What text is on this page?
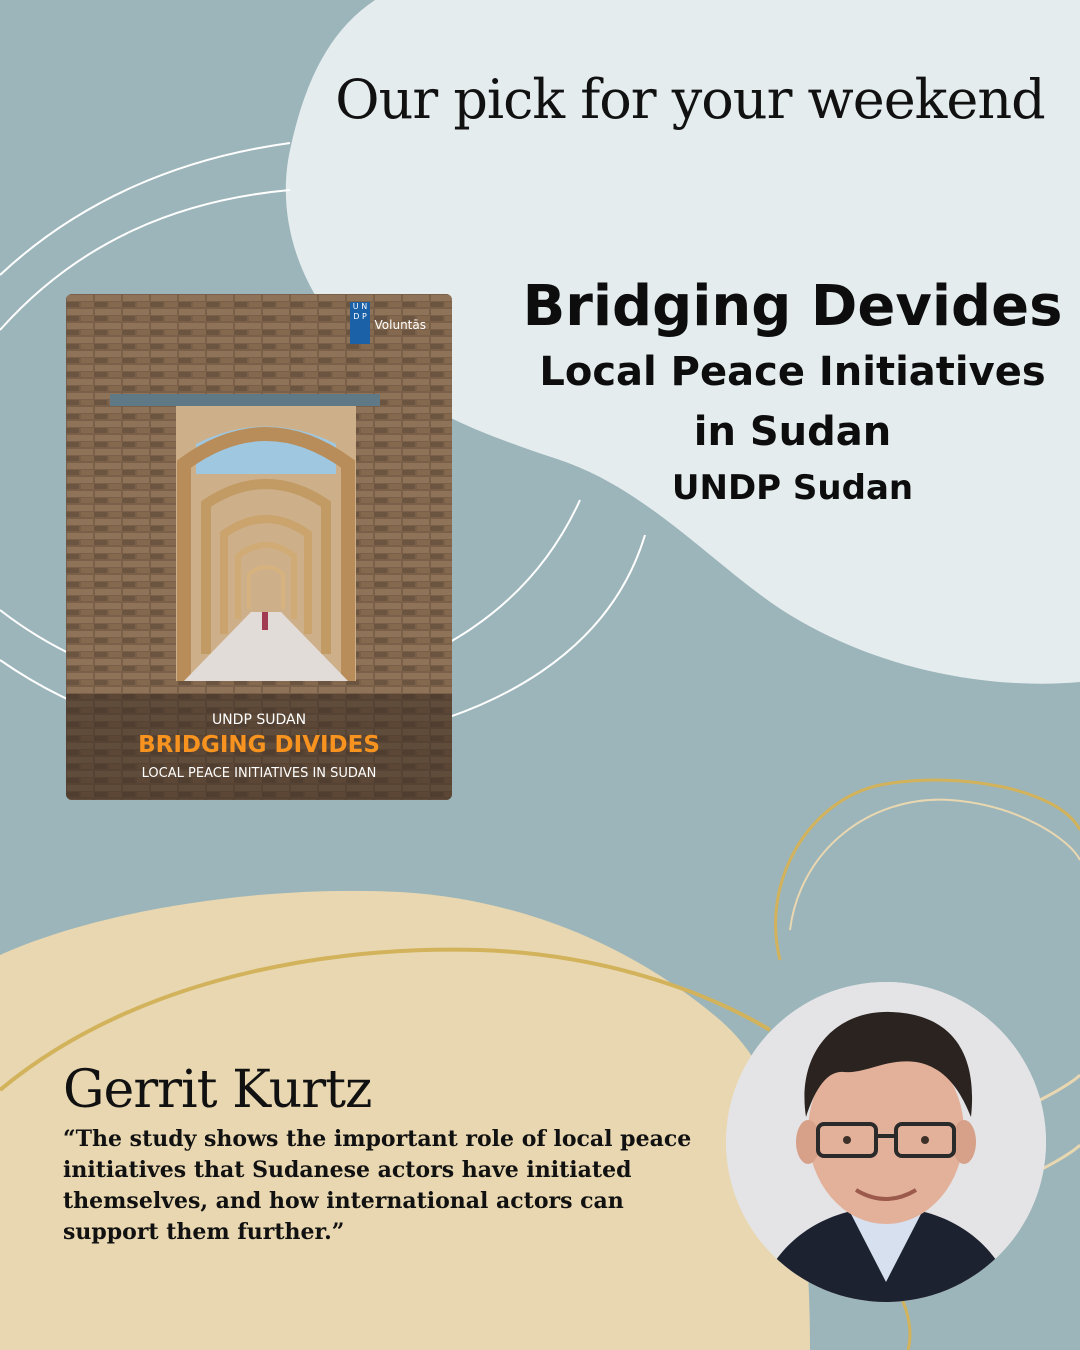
Our pick for your weekend
Bridging Devides
Local Peace Initiatives in Sudan
UNDP Sudan
U N D P
Voluntās
UNDP SUDAN
BRIDGING DIVIDES
LOCAL PEACE INITIATIVES IN SUDAN
Gerrit Kurtz
“The study shows the important role of local peace initiatives that Sudanese actors have initiated themselves, and how international actors can support them further.”
